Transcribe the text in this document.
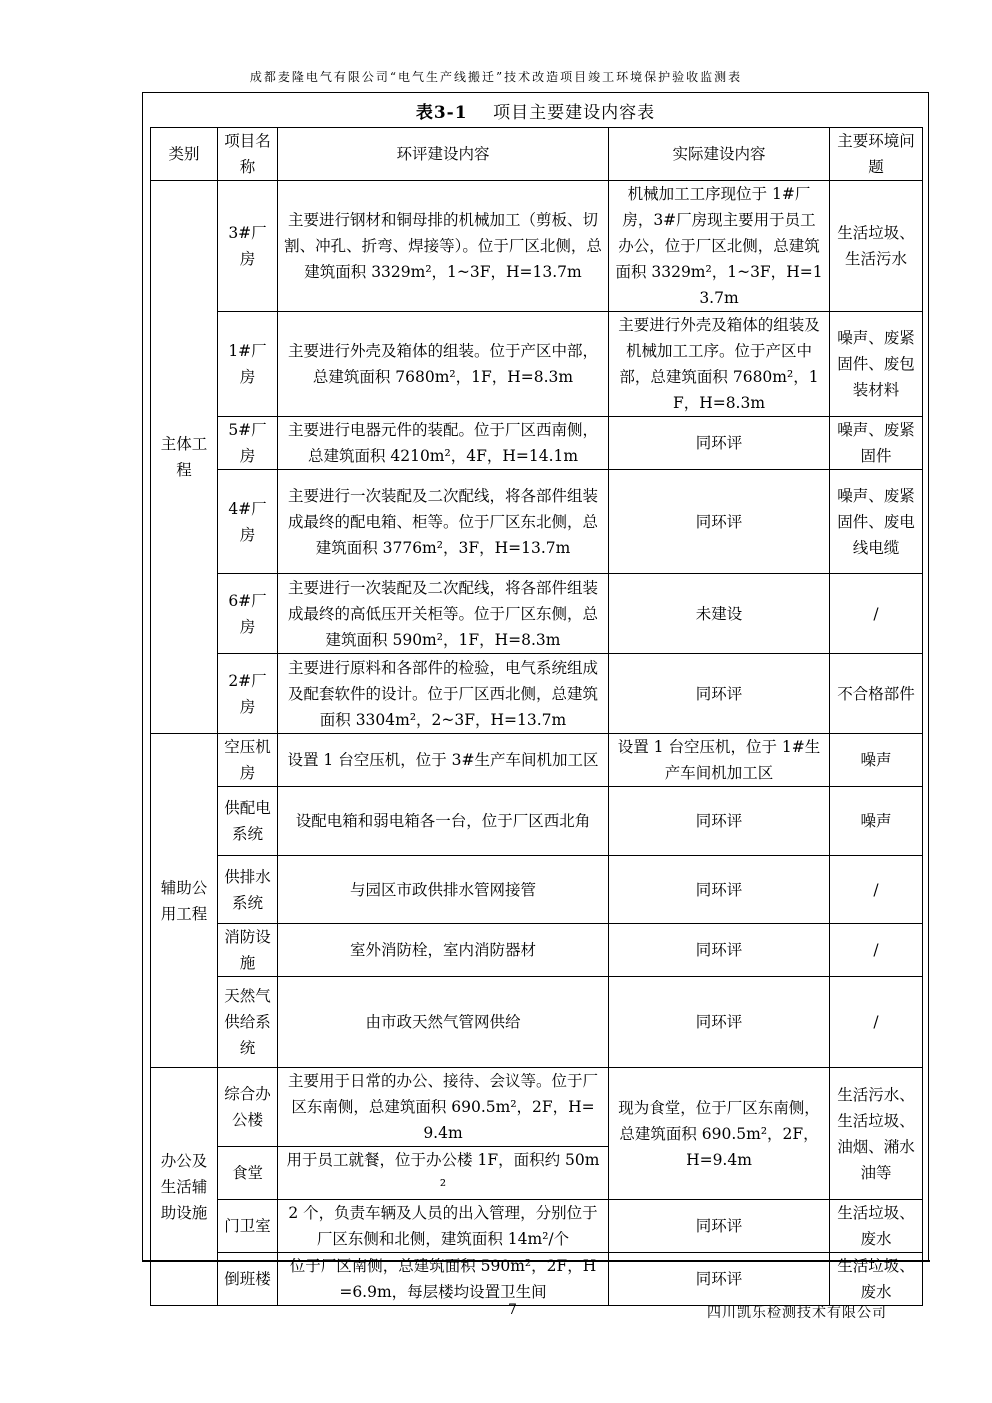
成都麦隆电气有限公司“电气生产线搬迁”技术改造项目竣工环境保护验收监测表
表3-1 项目主要建设内容表
类别	项目名称	环评建设内容	实际建设内容	主要环境问题
主体工程	3#厂房	主要进行钢材和铜母排的机械加工（剪板、切割、冲孔、折弯、焊接等）。位于厂区北侧，总建筑面积 3329m²，1~3F，H=13.7m	机械加工工序现位于 1#厂房，3#厂房现主要用于员工办公，位于厂区北侧，总建筑面积 3329m²，1~3F，H=13.7m	生活垃圾、生活污水
	1#厂房	主要进行外壳及箱体的组装。位于产区中部，总建筑面积 7680m²，1F，H=8.3m	主要进行外壳及箱体的组装及机械加工工序。位于产区中部，总建筑面积 7680m²，1F，H=8.3m	噪声、废紧固件、废包装材料
	5#厂房	主要进行电器元件的装配。位于厂区西南侧，总建筑面积 4210m²，4F，H=14.1m	同环评	噪声、废紧固件
	4#厂房	主要进行一次装配及二次配线，将各部件组装成最终的配电箱、柜等。位于厂区东北侧，总建筑面积 3776m²，3F，H=13.7m	同环评	噪声、废紧固件、废电线电缆
	6#厂房	主要进行一次装配及二次配线，将各部件组装成最终的高低压开关柜等。位于厂区东侧，总建筑面积 590m²，1F，H=8.3m	未建设	/
	2#厂房	主要进行原料和各部件的检验，电气系统组成及配套软件的设计。位于厂区西北侧，总建筑面积 3304m²，2~3F，H=13.7m	同环评	不合格部件
辅助公用工程	空压机房	设置 1 台空压机，位于 3#生产车间机加工区	设置 1 台空压机，位于 1#生产车间机加工区	噪声
	供配电系统	设配电箱和弱电箱各一台，位于厂区西北角	同环评	噪声
	供排水系统	与园区市政供排水管网接管	同环评	/
	消防设施	室外消防栓，室内消防器材	同环评	/
	天然气供给系统	由市政天然气管网供给	同环评	/
办公及生活辅助设施	综合办公楼	主要用于日常的办公、接待、会议等。位于厂区东南侧，总建筑面积 690.5m²，2F，H=9.4m	现为食堂，位于厂区东南侧，总建筑面积 690.5m²，2F，H=9.4m	生活污水、生活垃圾、油烟、潲水油等
	食堂	用于员工就餐，位于办公楼 1F，面积约 50m²		
	门卫室	2 个，负责车辆及人员的出入管理，分别位于厂区东侧和北侧，建筑面积 14m²/个	同环评	生活垃圾、废水
	倒班楼	位于厂区南侧，总建筑面积 590m²，2F，H=6.9m，每层楼均设置卫生间	同环评	生活垃圾、废水
7	四川凯乐检测技术有限公司
